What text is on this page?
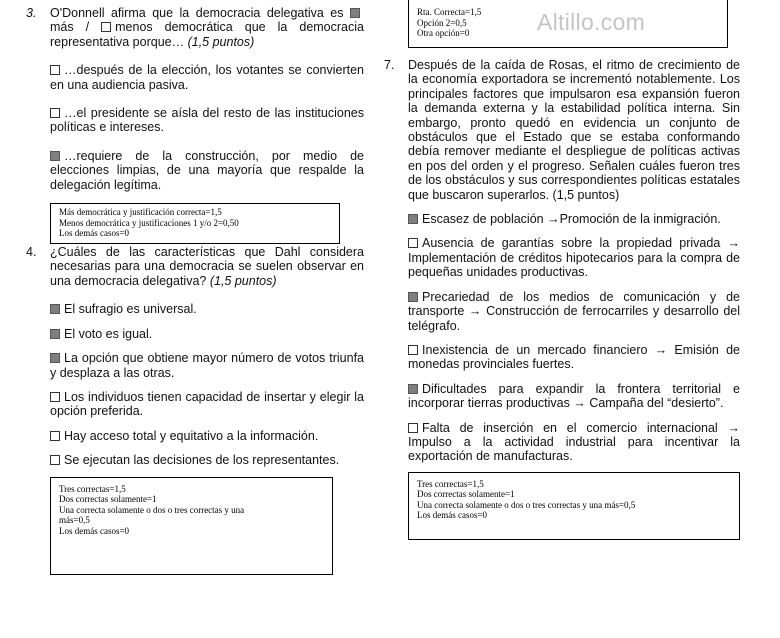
3. O'Donnell afirma que la democracia delegativa es más / menos democrática que la democracia representativa porque… (1,5 puntos)

…después de la elección, los votantes se convierten en una audiencia pasiva.

…el presidente se aísla del resto de las instituciones políticas e intereses.

…requiere de la construcción, por medio de elecciones limpias, de una mayoría que respalde la delegación legítima.

Más democrática y justificación correcta=1,5
Menos democrática y justificaciones 1 y/o 2=0,50
Los demás casos=0
4. ¿Cuáles de las características que Dahl considera necesarias para una democracia se suelen observar en una democracia delegativa? (1,5 puntos)

El sufragio es universal.

El voto es igual.

La opción que obtiene mayor número de votos triunfa y desplaza a las otras.

Los individuos tienen capacidad de insertar y elegir la opción preferida.

Hay acceso total y equitativo a la información.

Se ejecutan las decisiones de los representantes.

Tres correctas=1,5
Dos correctas solamente=1
Una correcta solamente o dos o tres correctas y una
más=0,5
Los demás casos=0
Rta. Correcta=1,5
Opción 2=0,5
Otra opción=0	Altillo.com
7. Después de la caída de Rosas, el ritmo de crecimiento de la economía exportadora se incrementó notablemente. Los principales factores que impulsaron esa expansión fueron la demanda externa y la estabilidad política interna. Sin embargo, pronto quedó en evidencia un conjunto de obstáculos que el Estado que se estaba conformando debía remover mediante el despliegue de políticas activas en pos del orden y el progreso. Señalen cuáles fueron tres de los obstáculos y sus correspondientes políticas estatales que buscaron superarlos. (1,5 puntos)

Escasez de población →Promoción de la inmigración.

Ausencia de garantías sobre la propiedad privada → Implementación de créditos hipotecarios para la compra de pequeñas unidades productivas.

Precariedad de los medios de comunicación y de transporte → Construcción de ferrocarriles y desarrollo del telégrafo.

Inexistencia de un mercado financiero → Emisión de monedas provinciales fuertes.

Dificultades para expandir la frontera territorial e incorporar tierras productivas → Campaña del “desierto”.

Falta de inserción en el comercio internacional → Impulso a la actividad industrial para incentivar la exportación de manufacturas.

Tres correctas=1,5
Dos correctas solamente=1
Una correcta solamente o dos o tres correctas y una más=0,5
Los demás casos=0
